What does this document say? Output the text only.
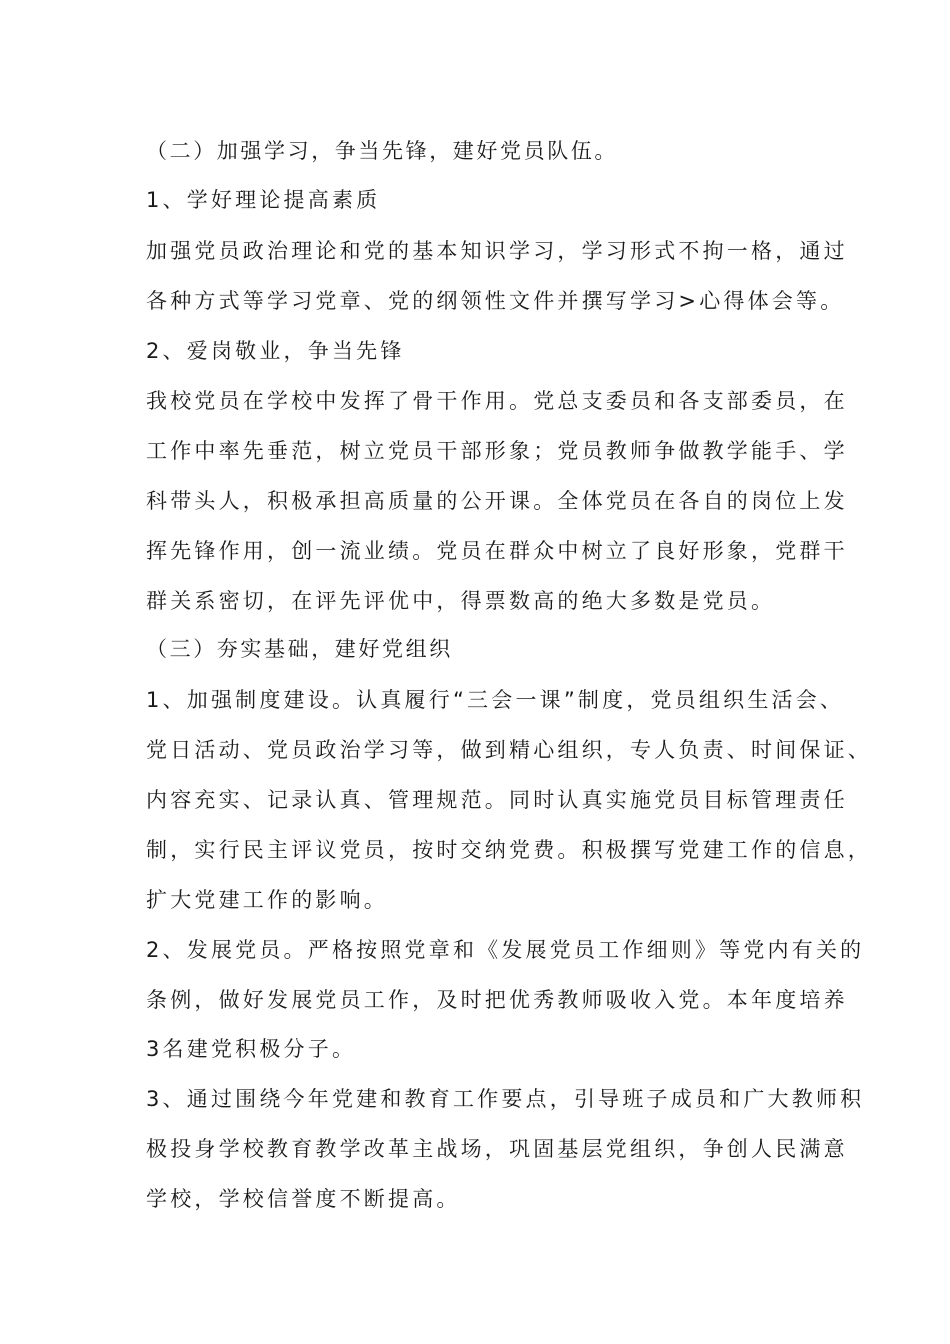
（二）加强学习，争当先锋，建好党员队伍。
1、学好理论提高素质
加强党员政治理论和党的基本知识学习，学习形式不拘一格，通过
各种方式等学习党章、党的纲领性文件并撰写学习>心得体会等。
2、爱岗敬业，争当先锋
我校党员在学校中发挥了骨干作用。党总支委员和各支部委员，在
工作中率先垂范，树立党员干部形象；党员教师争做教学能手、学
科带头人，积极承担高质量的公开课。全体党员在各自的岗位上发
挥先锋作用，创一流业绩。党员在群众中树立了良好形象，党群干
群关系密切，在评先评优中，得票数高的绝大多数是党员。
（三）夯实基础，建好党组织
1、加强制度建设。认真履行“三会一课”制度，党员组织生活会、
党日活动、党员政治学习等，做到精心组织，专人负责、时间保证、
内容充实、记录认真、管理规范。同时认真实施党员目标管理责任
制，实行民主评议党员，按时交纳党费。积极撰写党建工作的信息，
扩大党建工作的影响。
2、发展党员。严格按照党章和《发展党员工作细则》等党内有关的
条例，做好发展党员工作，及时把优秀教师吸收入党。本年度培养
3名建党积极分子。
3、通过围绕今年党建和教育工作要点，引导班子成员和广大教师积
极投身学校教育教学改革主战场，巩固基层党组织，争创人民满意
学校，学校信誉度不断提高。
